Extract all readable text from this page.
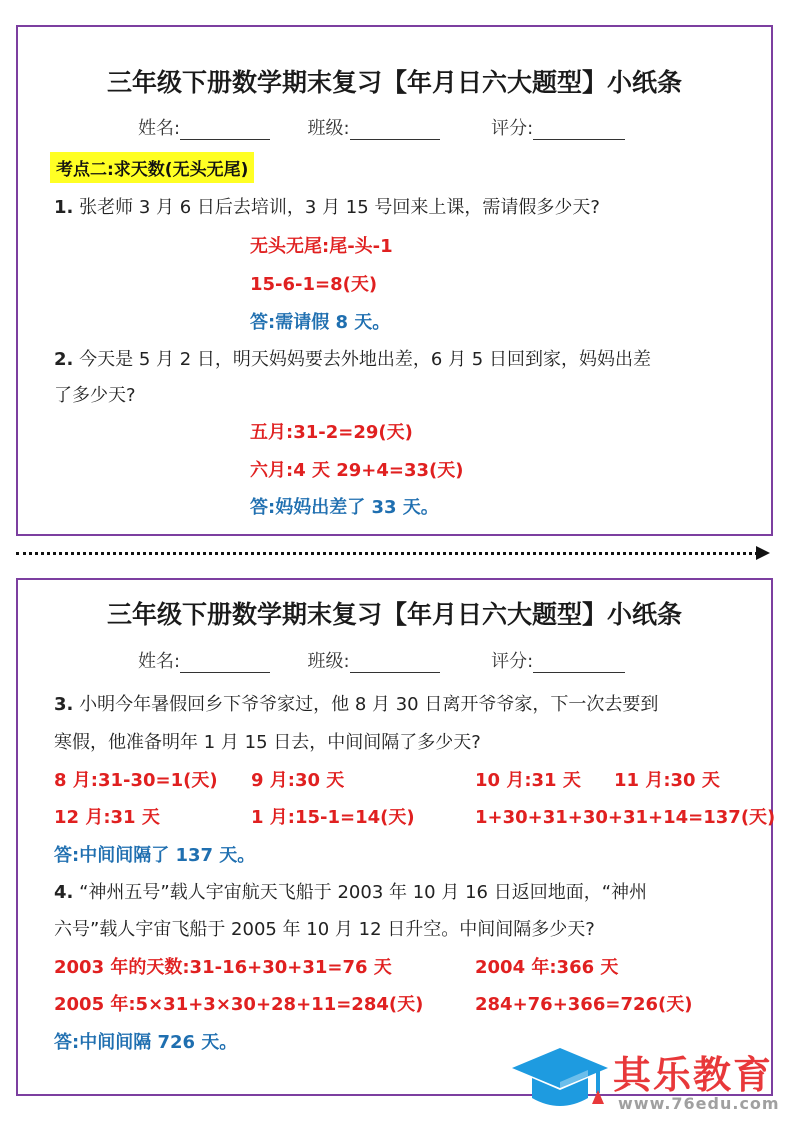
三年级下册数学期末复习【年月日六大题型】小纸条
姓名:	班级:	评分:
考点二:求天数(无头无尾)
1. 张老师 3 月 6 日后去培训，3 月 15 号回来上课，需请假多少天?
无头无尾:尾-头-1
15-6-1=8(天)
答:需请假 8 天。
2. 今天是 5 月 2 日，明天妈妈要去外地出差，6 月 5 日回到家，妈妈出差
了多少天?
五月:31-2=29(天)
六月:4 天 29+4=33(天)
答:妈妈出差了 33 天。
三年级下册数学期末复习【年月日六大题型】小纸条
姓名:	班级:	评分:
3. 小明今年暑假回乡下爷爷家过，他 8 月 30 日离开爷爷家，下一次去要到
寒假，他准备明年 1 月 15 日去，中间间隔了多少天?
8 月:31-30=1(天) 9 月:30 天	10 月:31 天 11 月:30 天
12 月:31 天	1 月:15-1=14(天)	1+30+31+30+31+14=137(天)
答:中间间隔了 137 天。
4. “神州五号”载人宇宙航天飞船于 2003 年 10 月 16 日返回地面，“神州
六号”载人宇宙飞船于 2005 年 10 月 12 日升空。中间间隔多少天?
2003 年的天数:31-16+30+31=76 天	2004 年:366 天
2005 年:5×31+3×30+28+11=284(天)	284+76+366=726(天)
答:中间间隔 726 天。
其乐教育
www.76edu.com
